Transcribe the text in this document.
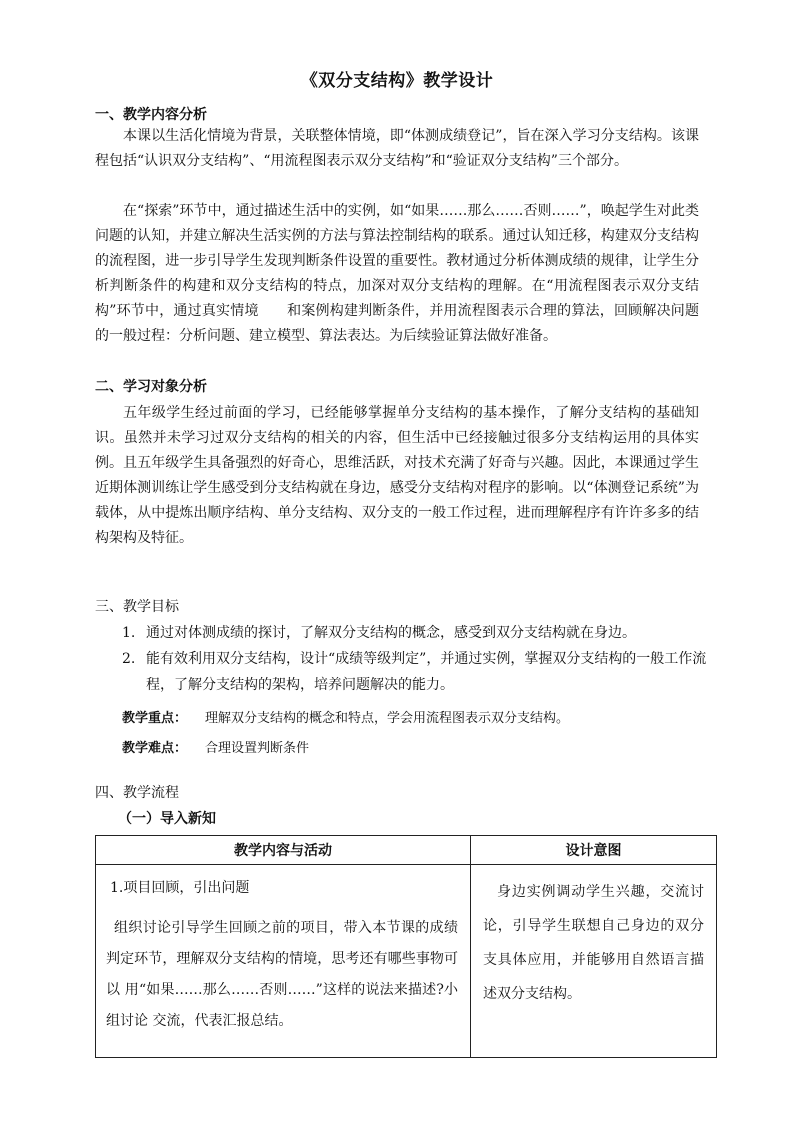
《双分支结构》教学设计
一、教学内容分析
本课以生活化情境为背景，关联整体情境，即“体测成绩登记”，旨在深入学习分支结构。该课程包括“认识双分支结构”、“用流程图表示双分支结构”和“验证双分支结构”三个部分。
在“探索”环节中，通过描述生活中的实例，如“如果……那么……否则……”，唤起学生对此类问题的认知，并建立解决生活实例的方法与算法控制结构的联系。通过认知迁移，构建双分支结构的流程图，进一步引导学生发现判断条件设置的重要性。教材通过分析体测成绩的规律，让学生分析判断条件的构建和双分支结构的特点，加深对双分支结构的理解。在“用流程图表示双分支结构”环节中，通过真实情境　　和案例构建判断条件，并用流程图表示合理的算法，回顾解决问题的一般过程：分析问题、建立模型、算法表达。为后续验证算法做好准备。
二、学习对象分析
五年级学生经过前面的学习，已经能够掌握单分支结构的基本操作，了解分支结构的基础知识。虽然并未学习过双分支结构的相关的内容，但生活中已经接触过很多分支结构运用的具体实例。且五年级学生具备强烈的好奇心，思维活跃，对技术充满了好奇与兴趣。因此，本课通过学生近期体测训练让学生感受到分支结构就在身边，感受分支结构对程序的影响。以“体测登记系统”为载体，从中提炼出顺序结构、单分支结构、双分支的一般工作过程，进而理解程序有许许多多的结构架构及特征。
三、教学目标
1. 通过对体测成绩的探讨，了解双分支结构的概念，感受到双分支结构就在身边。
2. 能有效利用双分支结构，设计“成绩等级判定”，并通过实例，掌握双分支结构的一般工作流程，了解分支结构的架构，培养问题解决的能力。
教学重点： 理解双分支结构的概念和特点，学会用流程图表示双分支结构。
教学难点： 合理设置判断条件
四、教学流程
（一）导入新知
教学内容与活动	设计意图

1.项目回顾，引出问题
组织讨论引导学生回顾之前的项目，带入本节课的成绩判定环节，理解双分支结构的情境，思考还有哪些事物可以 用“如果……那么……否则……”这样的说法来描述?小组讨论 交流，代表汇报总结。	身边实例调动学生兴趣，交流讨论，引导学生联想自己身边的双分支具体应用，并能够用自然语言描述双分支结构。
